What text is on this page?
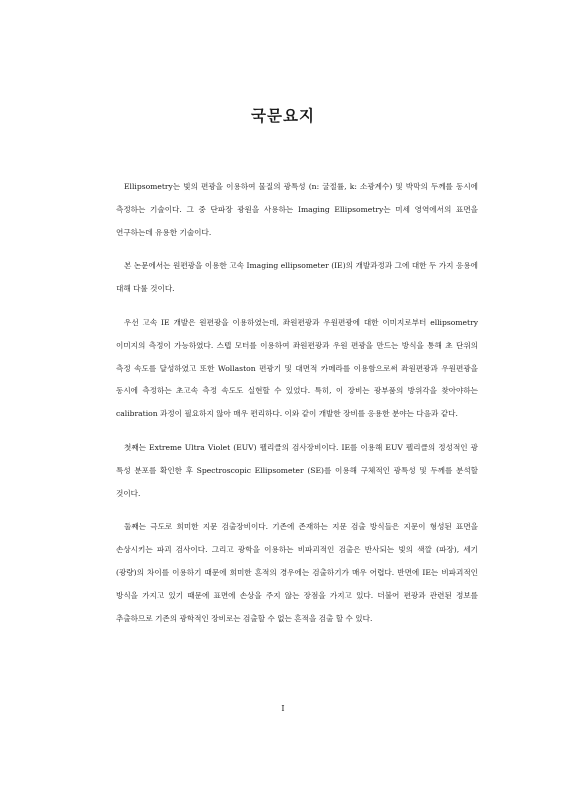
국문요지

Ellipsometry는 빛의 편광을 이용하여 물질의 광특성 (n: 굴절률, k: 소광계수) 및 박막의 두께를 동시에 측정하는 기술이다. 그 중 단파장 광원을 사용하는 Imaging Ellipsometry는 미세 영역에서의 표면을 연구하는데 유용한 기술이다.

본 논문에서는 원편광을 이용한 고속 Imaging ellipsometer (IE)의 개발과정과 그에 대한 두 가지 응용에 대해 다룰 것이다.

우선 고속 IE 개발은 원편광을 이용하였는데, 좌원편광과 우원편광에 대한 이미지로부터 ellipsometry 이미지의 측정이 가능하였다. 스텝 모터를 이용하여 좌원편광과 우원 편광을 만드는 방식을 통해 초 단위의 측정 속도를 달성하였고 또한 Wollaston 편광기 및 대면적 카메라를 이용함으로써 좌원편광과 우원편광을 동시에 측정하는 초고속 측정 속도도 실현할 수 있었다. 특히, 이 장비는 광부품의 방위각을 찾아야하는 calibration 과정이 필요하지 않아 매우 편리하다. 이와 같이 개발한 장비를 응용한 분야는 다음과 같다.

첫째는 Extreme Ultra Violet (EUV) 펠리클의 검사장비이다. IE를 이용해 EUV 펠리클의 정성적인 광 특성 분포를 확인한 후 Spectroscopic Ellipsometer (SE)를 이용해 구체적인 광특성 및 두께를 분석할 것이다.

둘째는 극도로 희미한 지문 검출장비이다. 기존에 존재하는 지문 검출 방식들은 지문이 형성된 표면을 손상시키는 파괴 검사이다. 그리고 광학을 이용하는 비파괴적인 검출은 반사되는 빛의 색깔 (파장), 세기 (광량)의 차이를 이용하기 때문에 희미한 흔적의 경우에는 검출하기가 매우 어렵다. 반면에 IE는 비파괴적인 방식을 가지고 있기 때문에 표면에 손상을 주지 않는 장점을 가지고 있다. 더불어 편광과 관련된 정보를 추출하므로 기존의 광학적인 장비로는 검출할 수 없는 흔적을 검출 할 수 있다.

I
